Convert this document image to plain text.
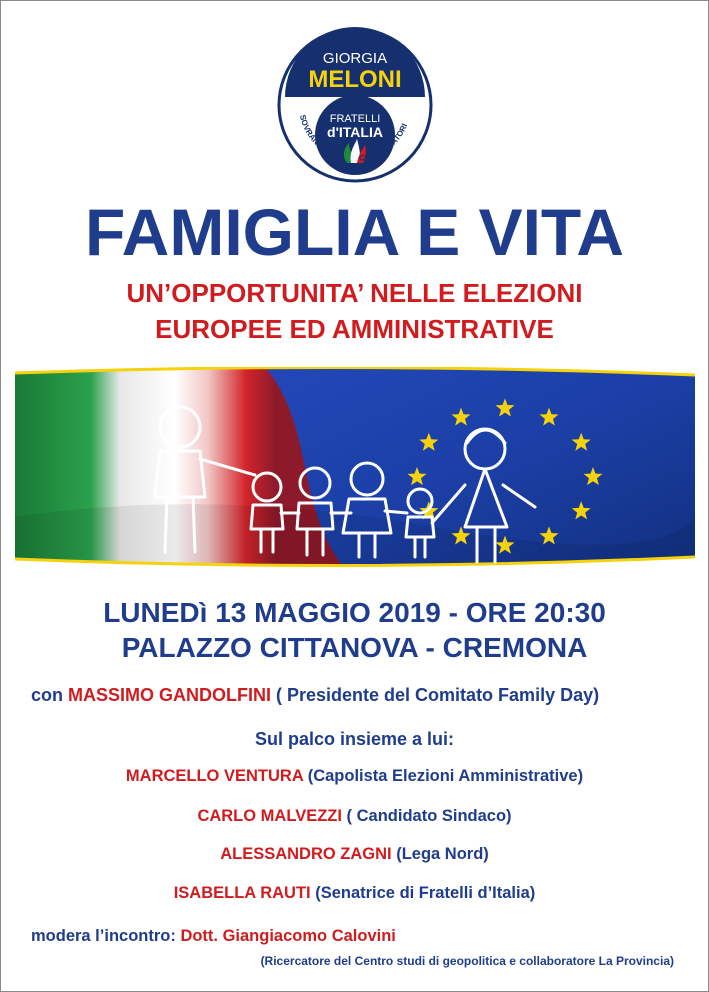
GIORGIA
MELONI
FRATELLI
d'ITALIA
SOVRANISTI
CONSERVATORI
FAMIGLIA E VITA
UN’OPPORTUNITA’ NELLE ELEZIONI
EUROPEE ED AMMINISTRATIVE
LUNEDì 13 MAGGIO 2019 - ORE 20:30
PALAZZO CITTANOVA - CREMONA
con MASSIMO GANDOLFINI ( Presidente del Comitato Family Day)
Sul palco insieme a lui:
MARCELLO VENTURA (Capolista Elezioni Amministrative)
CARLO MALVEZZI ( Candidato Sindaco)
ALESSANDRO ZAGNI (Lega Nord)
ISABELLA RAUTI (Senatrice di Fratelli d’Italia)
modera l’incontro: Dott. Giangiacomo Calovini
(Ricercatore del Centro studi di geopolitica e collaboratore La Provincia)
